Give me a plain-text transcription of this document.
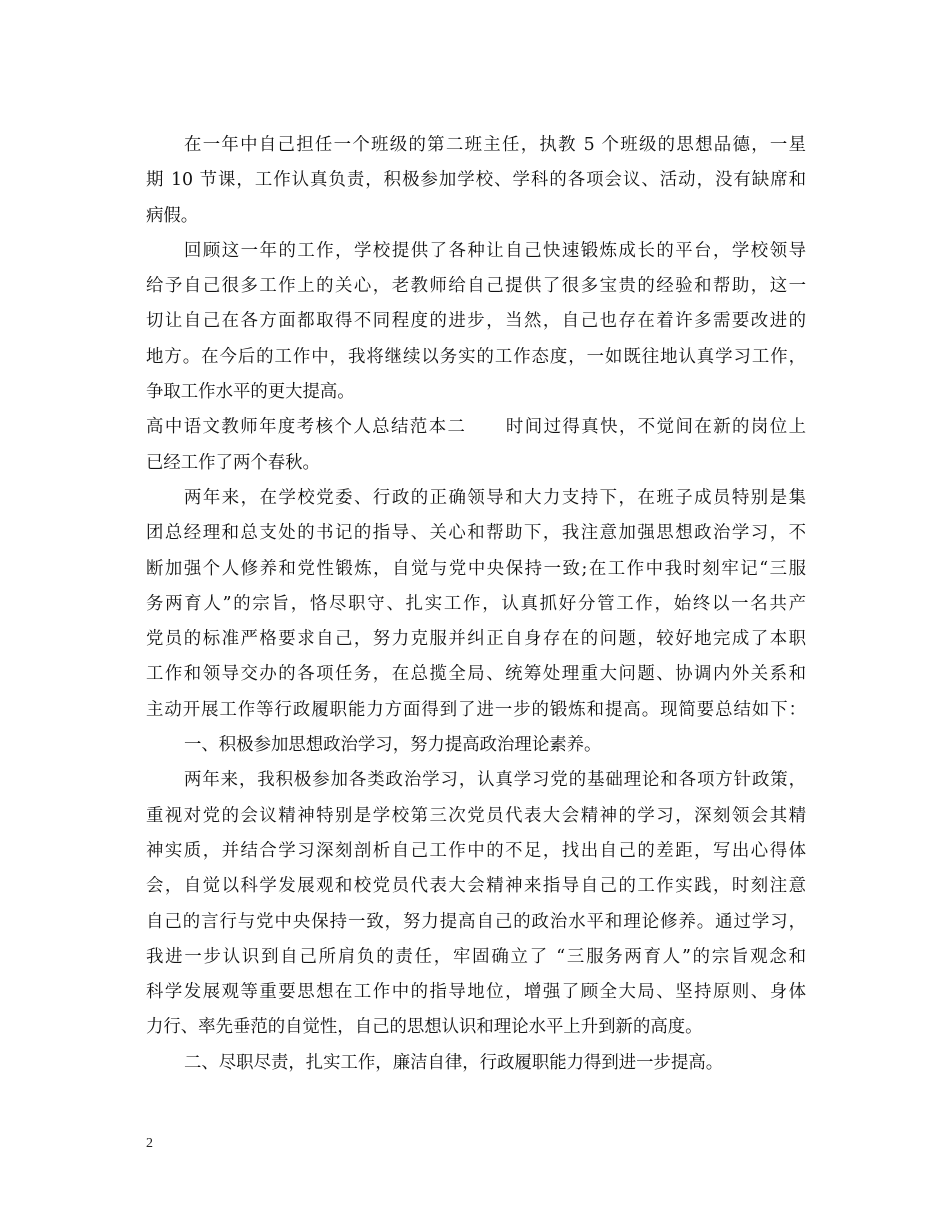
在一年中自己担任一个班级的第二班主任，执教 5 个班级的思想品德，一星
期 10 节课，工作认真负责，积极参加学校、学科的各项会议、活动，没有缺席和
病假。
回顾这一年的工作，学校提供了各种让自己快速锻炼成长的平台，学校领导
给予自己很多工作上的关心，老教师给自己提供了很多宝贵的经验和帮助，这一
切让自己在各方面都取得不同程度的进步，当然，自己也存在着许多需要改进的
地方。在今后的工作中，我将继续以务实的工作态度，一如既往地认真学习工作，
争取工作水平的更大提高。
高中语文教师年度考核个人总结范本二 时间过得真快，不觉间在新的岗位上
已经工作了两个春秋。
两年来，在学校党委、行政的正确领导和大力支持下，在班子成员特别是集
团总经理和总支处的书记的指导、关心和帮助下，我注意加强思想政治学习，不
断加强个人修养和党性锻炼，自觉与党中央保持一致;在工作中我时刻牢记“三服
务两育人”的宗旨，恪尽职守、扎实工作，认真抓好分管工作，始终以一名共产
党员的标准严格要求自己，努力克服并纠正自身存在的问题，较好地完成了本职
工作和领导交办的各项任务，在总揽全局、统筹处理重大问题、协调内外关系和
主动开展工作等行政履职能力方面得到了进一步的锻炼和提高。现简要总结如下：
一、积极参加思想政治学习，努力提高政治理论素养。
两年来，我积极参加各类政治学习，认真学习党的基础理论和各项方针政策，
重视对党的会议精神特别是学校第三次党员代表大会精神的学习，深刻领会其精
神实质，并结合学习深刻剖析自己工作中的不足，找出自己的差距，写出心得体
会，自觉以科学发展观和校党员代表大会精神来指导自己的工作实践，时刻注意
自己的言行与党中央保持一致，努力提高自己的政治水平和理论修养。通过学习，
我进一步认识到自己所肩负的责任，牢固确立了 “三服务两育人”的宗旨观念和
科学发展观等重要思想在工作中的指导地位，增强了顾全大局、坚持原则、身体
力行、率先垂范的自觉性，自己的思想认识和理论水平上升到新的高度。
二、尽职尽责，扎实工作，廉洁自律，行政履职能力得到进一步提高。
2
